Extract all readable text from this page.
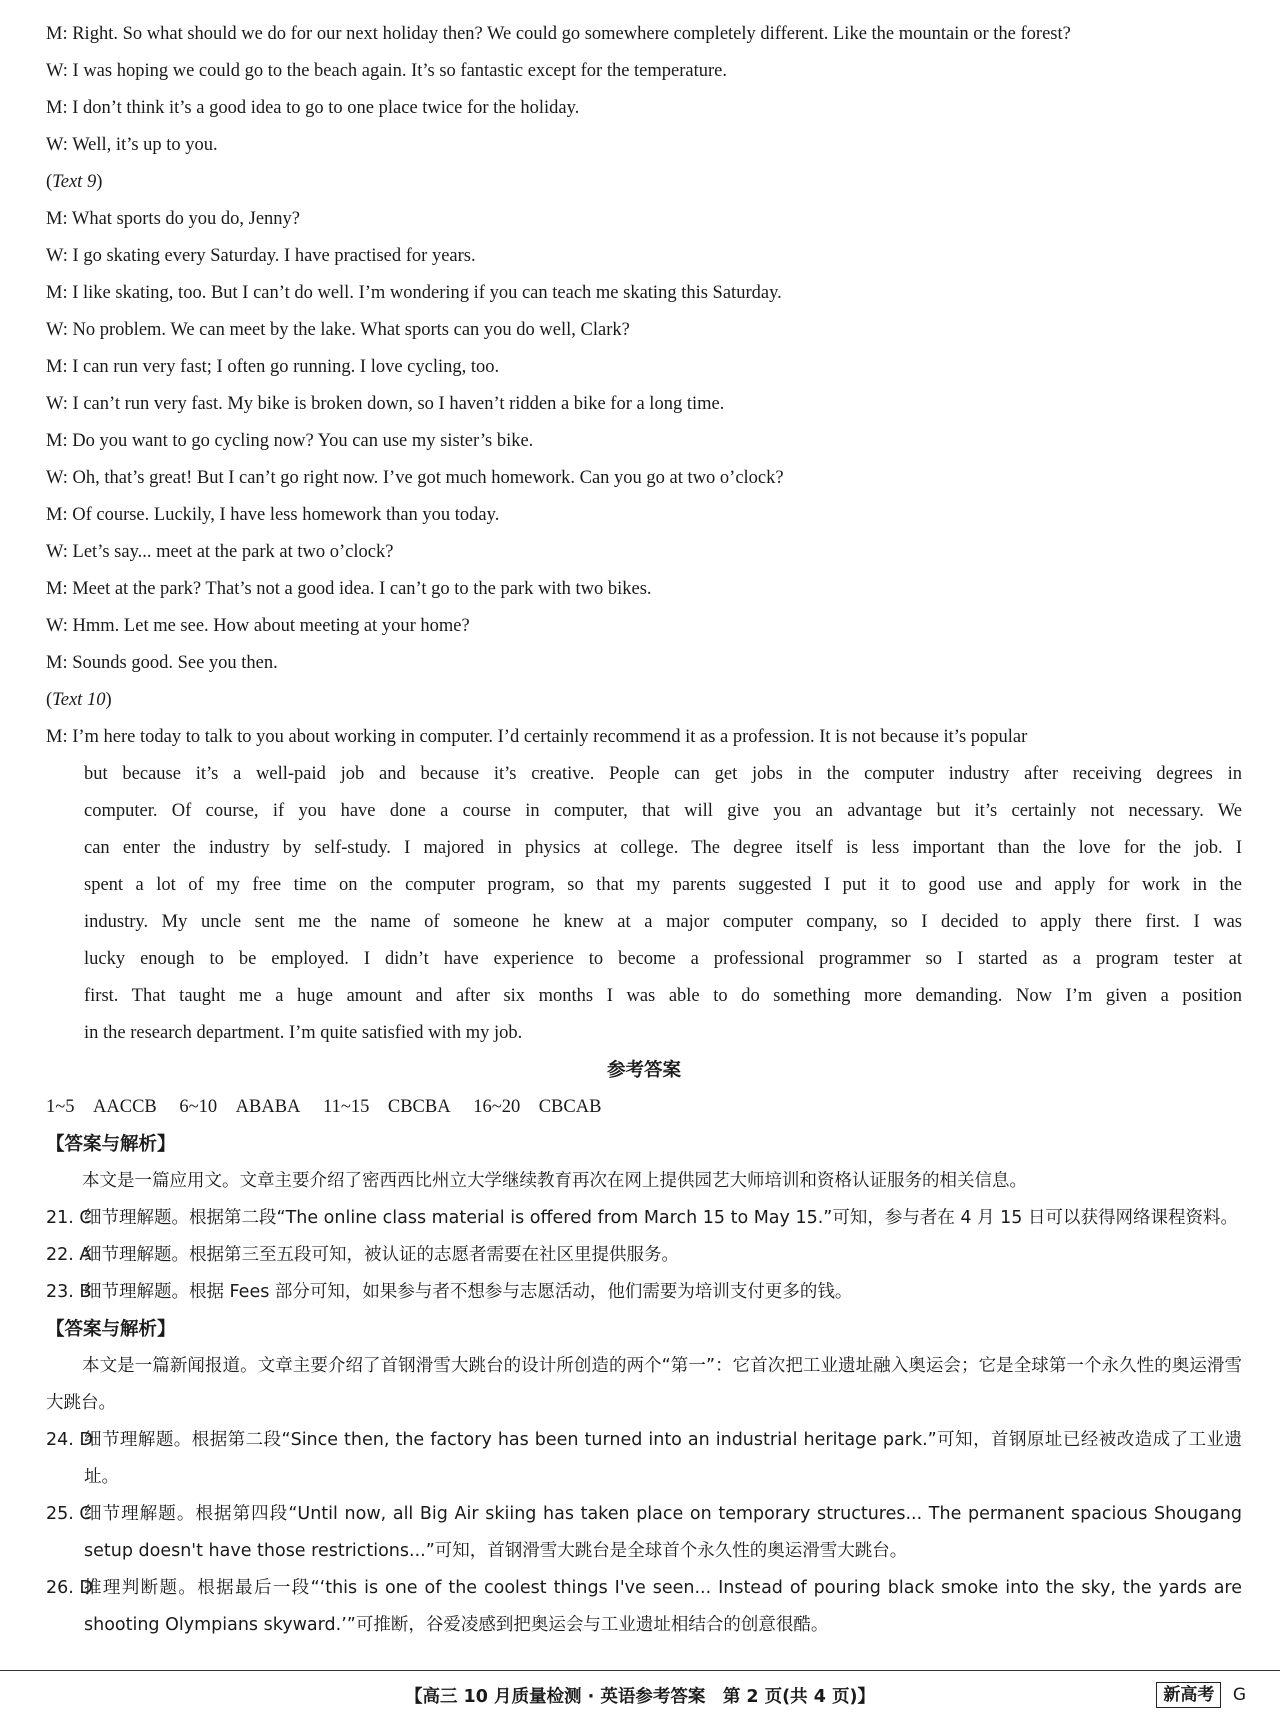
M: Right. So what should we do for our next holiday then? We could go somewhere completely different. Like the mountain or the forest?
W: I was hoping we could go to the beach again. It’s so fantastic except for the temperature.
M: I don’t think it’s a good idea to go to one place twice for the holiday.
W: Well, it’s up to you.
(Text 9)
M: What sports do you do, Jenny?
W: I go skating every Saturday. I have practised for years.
M: I like skating, too. But I can’t do well. I’m wondering if you can teach me skating this Saturday.
W: No problem. We can meet by the lake. What sports can you do well, Clark?
M: I can run very fast; I often go running. I love cycling, too.
W: I can’t run very fast. My bike is broken down, so I haven’t ridden a bike for a long time.
M: Do you want to go cycling now? You can use my sister’s bike.
W: Oh, that’s great! But I can’t go right now. I’ve got much homework. Can you go at two o’clock?
M: Of course. Luckily, I have less homework than you today.
W: Let’s say... meet at the park at two o’clock?
M: Meet at the park? That’s not a good idea. I can’t go to the park with two bikes.
W: Hmm. Let me see. How about meeting at your home?
M: Sounds good. See you then.
(Text 10)
M: I’m here today to talk to you about working in computer. I’d certainly recommend it as a profession. It is not because it’s popular
but because it’s a well-paid job and because it’s creative. People can get jobs in the computer industry after receiving degrees in
computer. Of course, if you have done a course in computer, that will give you an advantage but it’s certainly not necessary. We
can enter the industry by self-study. I majored in physics at college. The degree itself is less important than the love for the job. I
spent a lot of my free time on the computer program, so that my parents suggested I put it to good use and apply for work in the
industry. My uncle sent me the name of someone he knew at a major computer company, so I decided to apply there first. I was
lucky enough to be employed. I didn’t have experience to become a professional programmer so I started as a program tester at
first. That taught me a huge amount and after six months I was able to do something more demanding. Now I’m given a position
in the research department. I’m quite satisfied with my job.
参考答案
1~5　AACCB 6~10　ABABA 11~15　CBCBA 16~20　CBCAB
【答案与解析】
本文是一篇应用文。文章主要介绍了密西西比州立大学继续教育再次在网上提供园艺大师培训和资格认证服务的相关信息。
21. C
细节理解题。根据第二段“The online class material is offered from March 15 to May 15.”可知，参与者在 4 月 15 日可以获得网络课程资料。
22. A
细节理解题。根据第三至五段可知，被认证的志愿者需要在社区里提供服务。
23. B
细节理解题。根据 Fees 部分可知，如果参与者不想参与志愿活动，他们需要为培训支付更多的钱。
【答案与解析】
本文是一篇新闻报道。文章主要介绍了首钢滑雪大跳台的设计所创造的两个“第一”：它首次把工业遗址融入奥运会；它是全球第一个永久性的奥运滑雪大跳台。
24. D
细节理解题。根据第二段“Since then, the factory has been turned into an industrial heritage park.”可知，首钢原址已经被改造成了工业遗址。
25. C
细节理解题。根据第四段“Until now, all Big Air skiing has taken place on temporary structures... The permanent spacious Shougang setup doesn't have those restrictions...”可知，首钢滑雪大跳台是全球首个永久性的奥运滑雪大跳台。
26. D
推理判断题。根据最后一段“‘this is one of the coolest things I've seen... Instead of pouring black smoke into the sky, the yards are shooting Olympians skyward.’”可推断，谷爱凌感到把奥运会与工业遗址相结合的创意很酷。
【高三 10 月质量检测 · 英语参考答案　第 2 页(共 4 页)】	新高考 G
